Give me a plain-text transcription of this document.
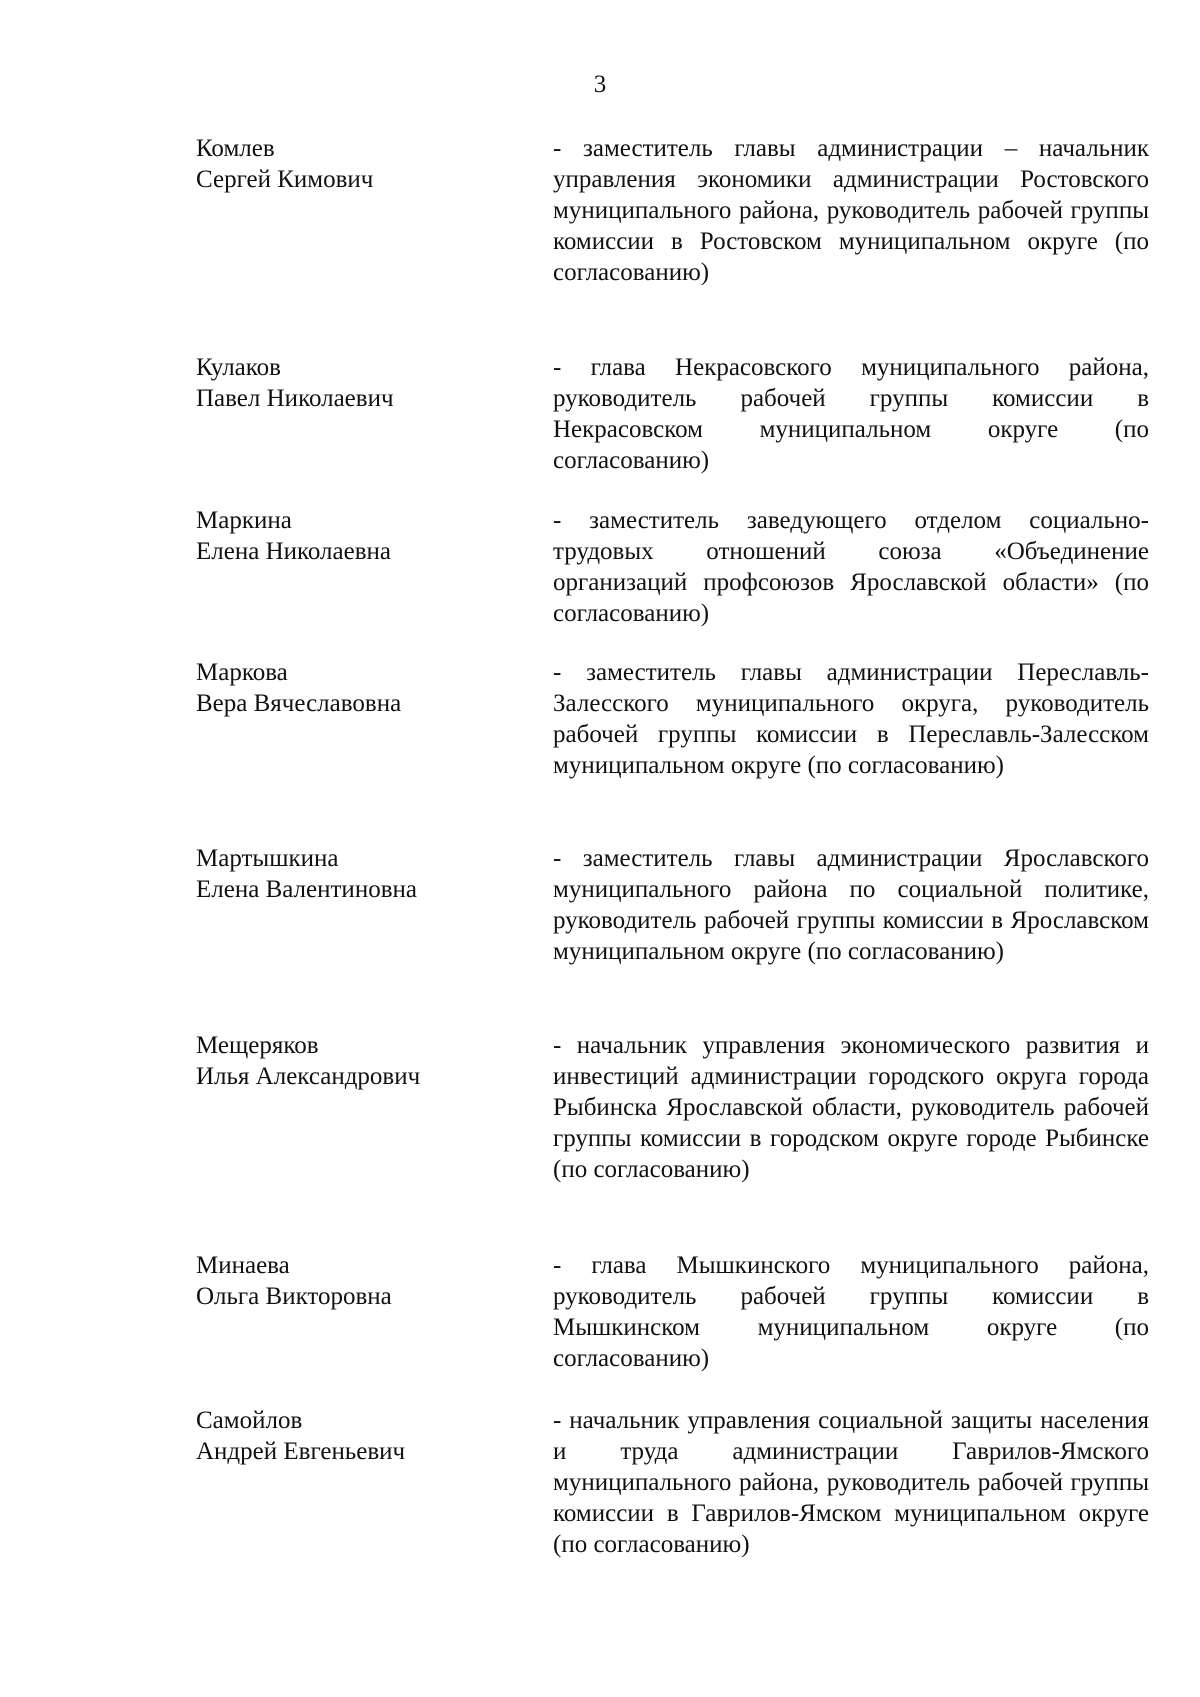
3
Комлев
Сергей Кимович
- заместитель главы администрации – начальник управления экономики администрации Ростовского муниципального района, руководитель рабочей группы комиссии в Ростовском муниципальном округе (по согласованию)
Кулаков
Павел Николаевич
- глава Некрасовского муниципального района, руководитель рабочей группы комиссии в Некрасовском муниципальном округе (по согласованию)
Маркина
Елена Николаевна
- заместитель заведующего отделом социально-трудовых отношений союза «Объединение организаций профсоюзов Ярославской области» (по согласованию)
Маркова
Вера Вячеславовна
- заместитель главы администрации Переславль-Залесского муниципального округа, руководитель рабочей группы комиссии в Переславль-Залесском муниципальном округе (по согласованию)
Мартышкина
Елена Валентиновна
- заместитель главы администрации Ярославского муниципального района по социальной политике, руководитель рабочей группы комиссии в Ярославском муниципальном округе (по согласованию)
Мещеряков
Илья Александрович
- начальник управления экономического развития и инвестиций администрации городского округа города Рыбинска Ярославской области, руководитель рабочей группы комиссии в городском округе городе Рыбинске (по согласованию)
Минаева
Ольга Викторовна
- глава Мышкинского муниципального района, руководитель рабочей группы комиссии в Мышкинском муниципальном округе (по согласованию)
Самойлов
Андрей Евгеньевич
- начальник управления социальной защиты населения и труда администрации Гаврилов-Ямского муниципального района, руководитель рабочей группы комиссии в Гаврилов-Ямском муниципальном округе (по согласованию)
